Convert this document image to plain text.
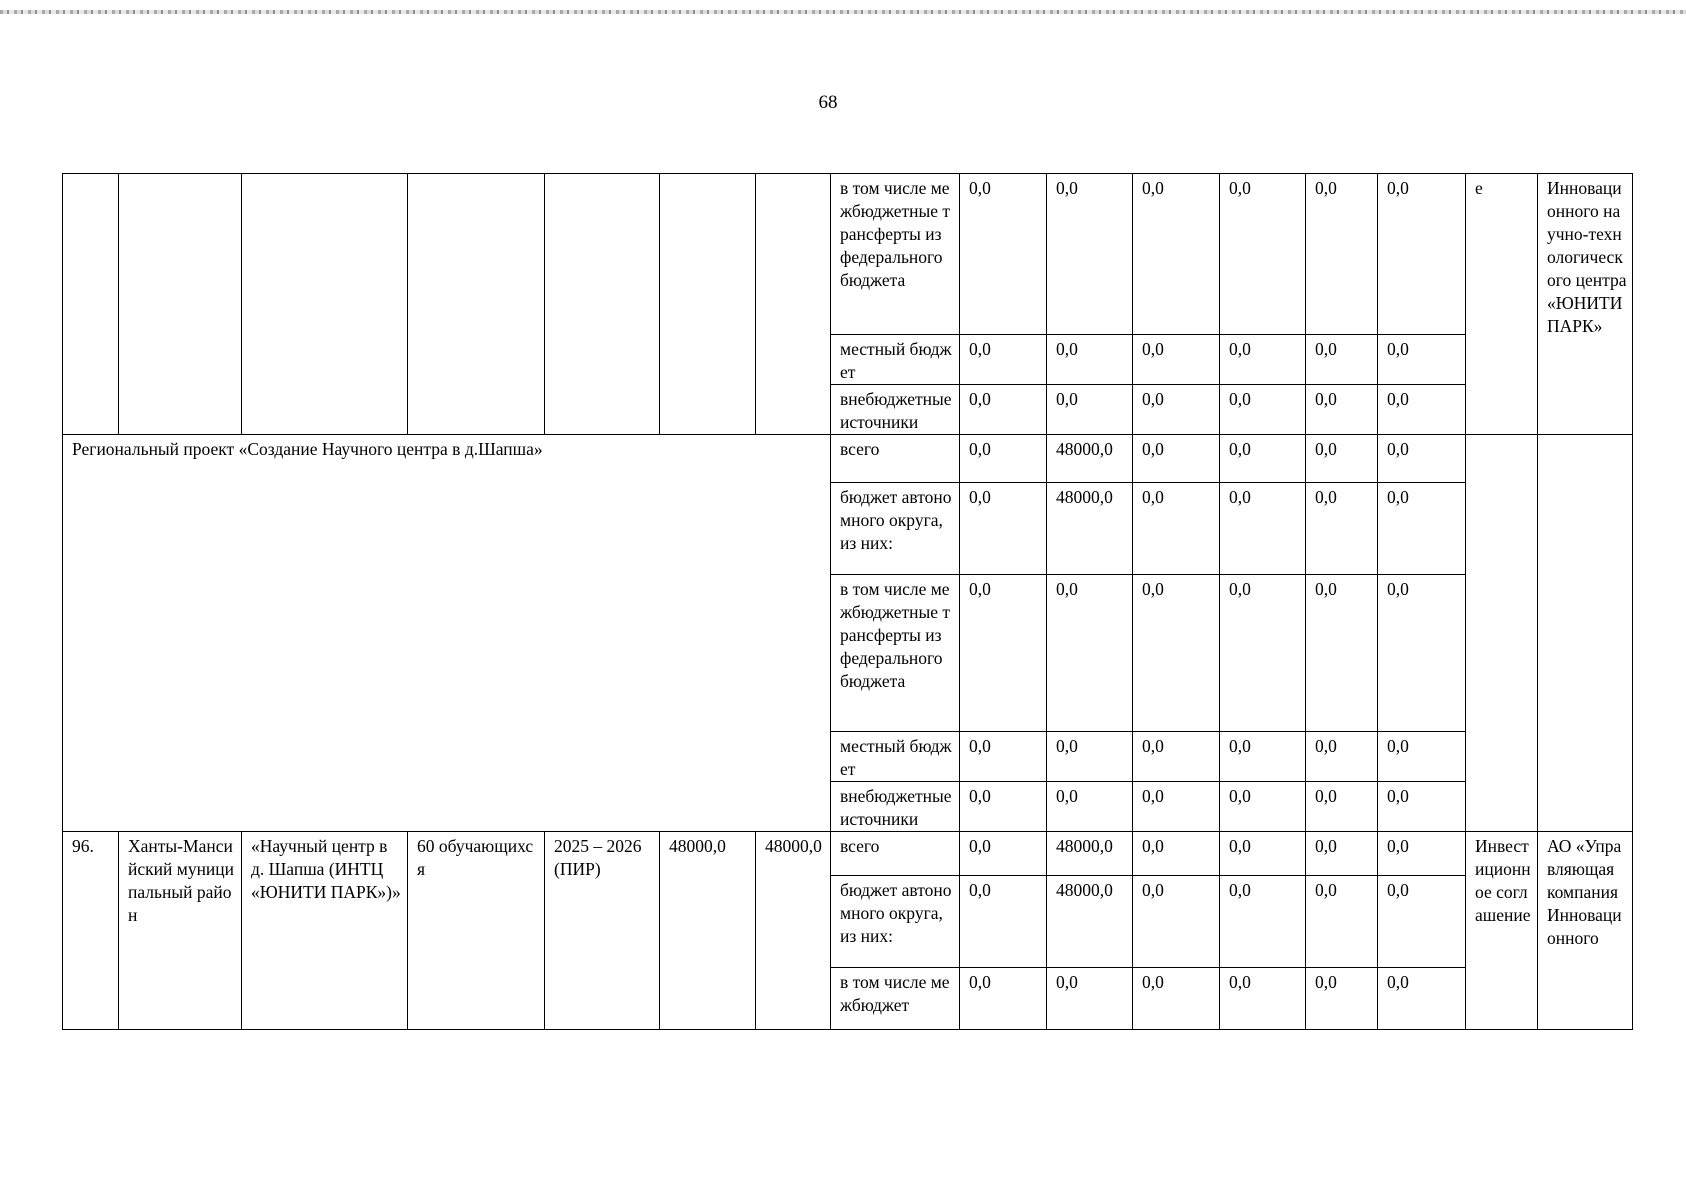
68
							в том числе межбюджетные трансферты из федерального бюджета	0,0	0,0	0,0	0,0	0,0	0,0	е	Инновационного научно-технологического центра «ЮНИТИ ПАРК»
							местный бюджет	0,0	0,0	0,0	0,0	0,0	0,0		
							внебюджетные источники	0,0	0,0	0,0	0,0	0,0	0,0		
Региональный проект «Создание Научного центра в д.Шапша»							всего	0,0	48000,0	0,0	0,0	0,0	0,0		
							бюджет автономного округа, из них:	0,0	48000,0	0,0	0,0	0,0	0,0		
							в том числе межбюджетные трансферты из федерального бюджета	0,0	0,0	0,0	0,0	0,0	0,0		
							местный бюджет	0,0	0,0	0,0	0,0	0,0	0,0		
							внебюджетные источники	0,0	0,0	0,0	0,0	0,0	0,0		
96.	Ханты-Мансийский муниципальный район	«Научный центр в д. Шапша (ИНТЦ «ЮНИТИ ПАРК»)»	60 обучающихся	2025 – 2026 (ПИР)	48000,0	48000,0	всего	0,0	48000,0	0,0	0,0	0,0	0,0	Инвестиционное соглашение	АО «Управляющая компания Инновационного
							бюджет автономного округа, из них:	0,0	48000,0	0,0	0,0	0,0	0,0		
							в том числе межбюджет	0,0	0,0	0,0	0,0	0,0	0,0		
